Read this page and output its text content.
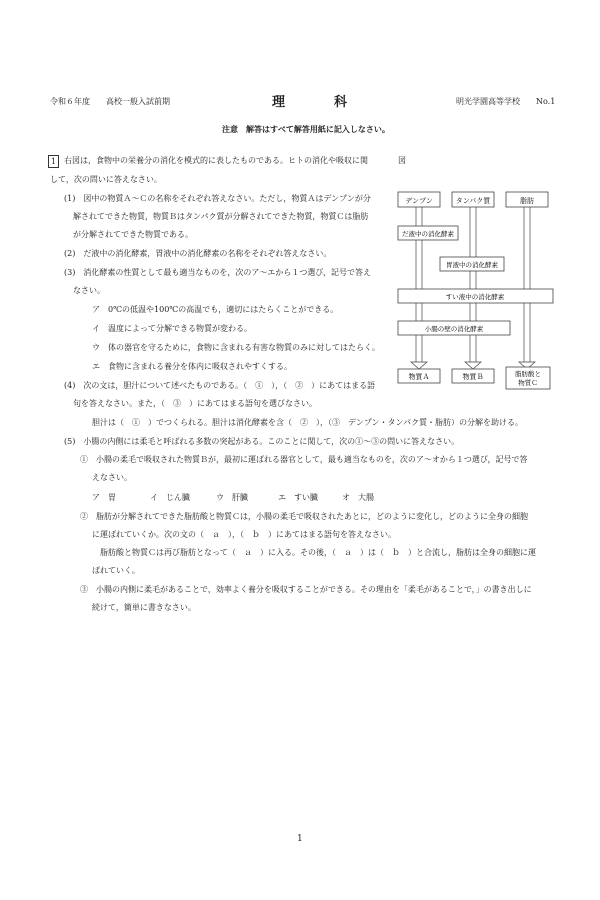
令和６年度　　高校一般入試前期	理　科	明光学園高等学校　　No.1
注意　解答はすべて解答用紙に記入しなさい。
1 右図は，食物中の栄養分の消化を模式的に表したものである。ヒトの消化や吸収に関
して，次の問いに答えなさい。
(1)　図中の物質Ａ～Ｃの名称をそれぞれ答えなさい。ただし，物質Ａはデンプンが分
解されてできた物質，物質Ｂはタンパク質が分解されてできた物質，物質Ｃは脂肪
が分解されてできた物質である。
(2)　だ液中の消化酵素，胃液中の消化酵素の名称をそれぞれ答えなさい。
(3)　消化酵素の性質として最も適当なものを，次のア～エから１つ選び，記号で答え
なさい。
ア　0℃の低温や100℃の高温でも，適切にはたらくことができる。
イ　温度によって分解できる物質が変わる。
ウ　体の器官を守るために，食物に含まれる有害な物質のみに対してはたらく。
エ　食物に含まれる養分を体内に吸収されやすくする。
(4)　次の文は，胆汁について述べたものである。（　①　），（　②　）にあてはまる語
句を答えなさい。また，（　③　）にあてはまる語句を選びなさい。
胆汁は（　①　）でつくられる。胆汁は消化酵素を含（　②　），（③　デンプン・タンパク質・脂肪）の分解を助ける。
(5)　小腸の内側には柔毛と呼ばれる多数の突起がある。このことに関して，次の①～③の問いに答えなさい。
①　小腸の柔毛で吸収された物質Ｂが，最初に運ばれる器官として，最も適当なものを，次のア～オから１つ選び，記号で答
えなさい。
ア　胃	イ　じん臓	ウ　肝臓	エ　すい臓	オ　大腸
②　脂肪が分解されてできた脂肪酸と物質Ｃは，小腸の柔毛で吸収されたあとに，どのように変化し，どのように全身の細胞
に運ばれていくか。次の文の（　ａ　），（　ｂ　）にあてはまる語句を答えなさい。
脂肪酸と物質Ｃは再び脂肪となって（　ａ　）に入る。その後，（　ａ　）は（　ｂ　）と合流し，脂肪は全身の細胞に運
ばれていく。
③　小腸の内側に柔毛があることで，効率よく養分を吸収することができる。その理由を「柔毛があることで，」の書き出しに
続けて，簡単に書きなさい。
図
デンプン	タンパク質	脂肪
だ液中の消化酵素
胃液中の消化酵素
すい液中の消化酵素
小腸の壁の消化酵素
物質Ａ	物質Ｂ	脂肪酸と
物質Ｃ
1
